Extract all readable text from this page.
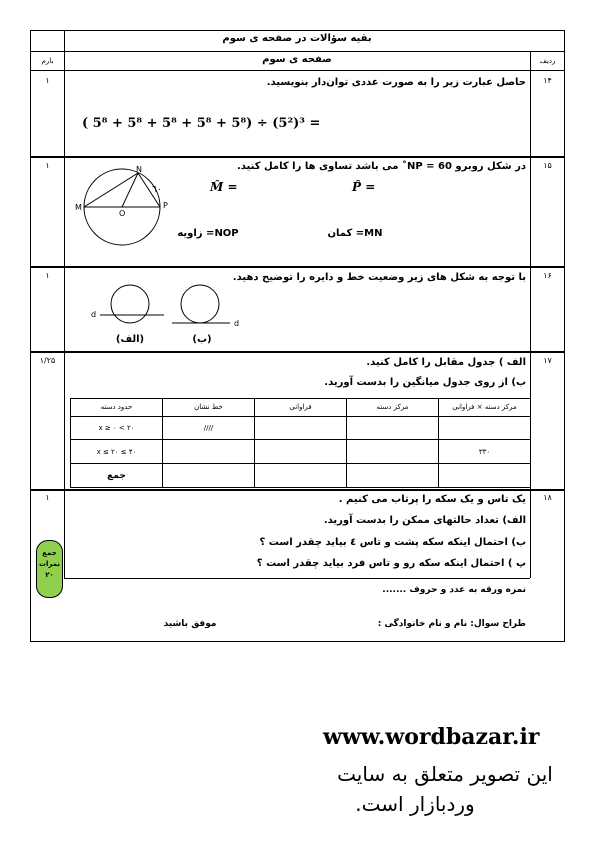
بقیه سؤالات در صفحه ی سوم
صفحه ی سوم
بارم	ردیف
۱۴
۱	حاصل عبارت زیر را به صورت عددی توان‌دار بنویسید.
( 5⁸ + 5⁸ + 5⁸ + 5⁸ + 5⁸) ÷ (5²)³ =
۱۵
۱	در شکل روبرو NP = 60˚ می باشد تساوی ها را کامل کنید.
P̂ =
M̂ =
MN= کمان
NOP= زاویه
N
M
O
P
٦٠
۱۶
۱	با توجه به شکل های زیر وضعیت خط و دایره را توضیح دهید.
d
d
(الف)	(ب)
۱۷
۱/۲۵	الف ) جدول مقابل را کامل کنید.
ب) از روی جدول میانگین را بدست آورید.
مرکز دسته × فراوانی	مرکز دسته	فراوانی	خط نشان	حدود دسته
			////	۲۰ > x ≥ ۰
۳۳۰				۴۰ ≥ x ≤ ۲۰
				جمع
۱۸
۱	یک تاس و یک سکه را پرتاب می کنیم .
الف) تعداد حالتهای ممکن را بدست آورید.
ب) احتمال اینکه سکه پشت و تاس ٤ بیاید چقدر است ؟
پ ) احتمال اینکه سکه رو و تاس فرد بیاید چقدر است ؟
جمع
نمرات
۲۰
نمره ورقه به عدد و حروف .......
طراح سوال: نام و نام خانوادگی :
موفق باشید
www.wordbazar.ir
این تصویر متعلق به سایت
وردبازار است.
